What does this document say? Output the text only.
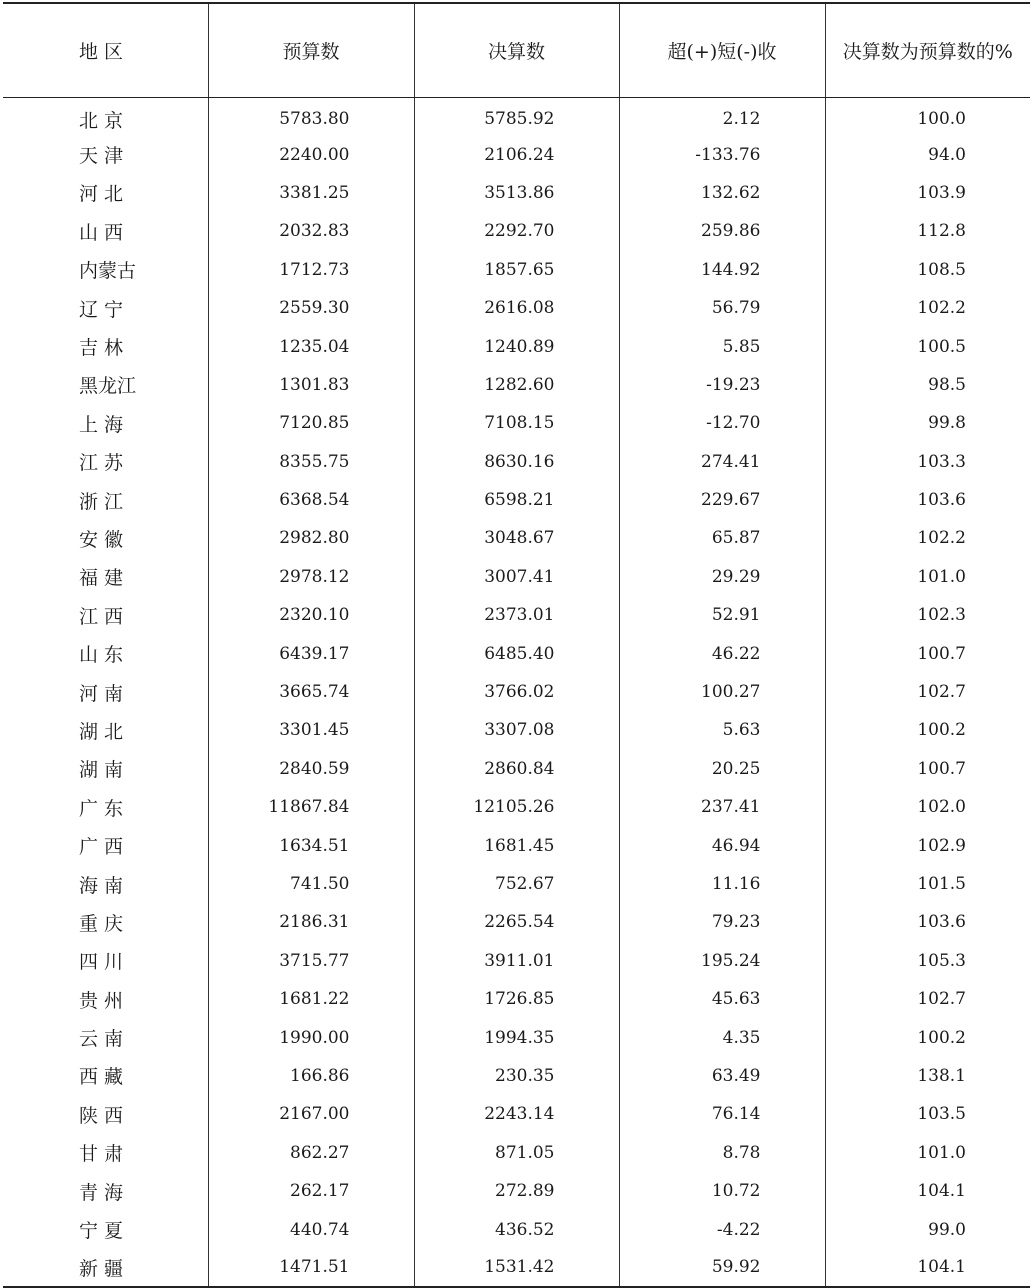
地 区	预算数	决算数	超(+)短(-)收	决算数为预算数的%
北 京	5783.80	5785.92	2.12	100.0
天 津	2240.00	2106.24	-133.76	94.0
河 北	3381.25	3513.86	132.62	103.9
山 西	2032.83	2292.70	259.86	112.8
内蒙古	1712.73	1857.65	144.92	108.5
辽 宁	2559.30	2616.08	56.79	102.2
吉 林	1235.04	1240.89	5.85	100.5
黑龙江	1301.83	1282.60	-19.23	98.5
上 海	7120.85	7108.15	-12.70	99.8
江 苏	8355.75	8630.16	274.41	103.3
浙 江	6368.54	6598.21	229.67	103.6
安 徽	2982.80	3048.67	65.87	102.2
福 建	2978.12	3007.41	29.29	101.0
江 西	2320.10	2373.01	52.91	102.3
山 东	6439.17	6485.40	46.22	100.7
河 南	3665.74	3766.02	100.27	102.7
湖 北	3301.45	3307.08	5.63	100.2
湖 南	2840.59	2860.84	20.25	100.7
广 东	11867.84	12105.26	237.41	102.0
广 西	1634.51	1681.45	46.94	102.9
海 南	741.50	752.67	11.16	101.5
重 庆	2186.31	2265.54	79.23	103.6
四 川	3715.77	3911.01	195.24	105.3
贵 州	1681.22	1726.85	45.63	102.7
云 南	1990.00	1994.35	4.35	100.2
西 藏	166.86	230.35	63.49	138.1
陕 西	2167.00	2243.14	76.14	103.5
甘 肃	862.27	871.05	8.78	101.0
青 海	262.17	272.89	10.72	104.1
宁 夏	440.74	436.52	-4.22	99.0
新 疆	1471.51	1531.42	59.92	104.1
